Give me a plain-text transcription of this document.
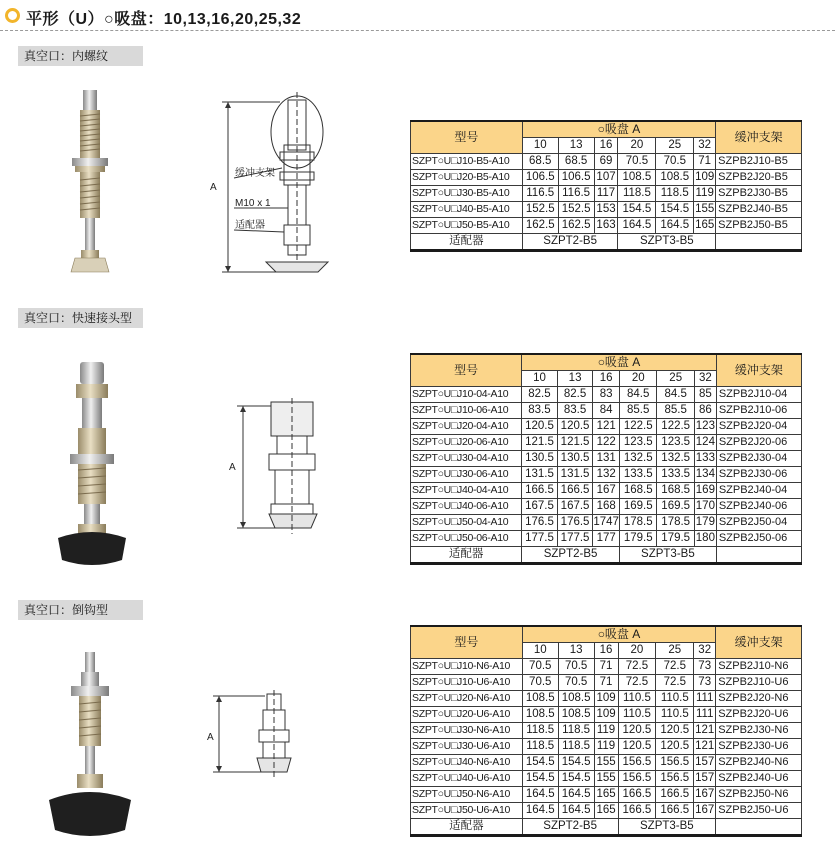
平形（U）○吸盘：10,13,16,20,25,32
真空口：内螺纹
真空口：快速接头型
真空口：倒钩型
A
缓冲支架
M10 x 1
适配器
A
A
型号	○吸盘 A						缓冲支架
	10	13	16	20	25	32	
SZPT○U□J10-B5-A10	68.5	68.5	69	70.5	70.5	71	SZPB2J10-B5
SZPT○U□J20-B5-A10	106.5	106.5	107	108.5	108.5	109	SZPB2J20-B5
SZPT○U□J30-B5-A10	116.5	116.5	117	118.5	118.5	119	SZPB2J30-B5
SZPT○U□J40-B5-A10	152.5	152.5	153	154.5	154.5	155	SZPB2J40-B5
SZPT○U□J50-B5-A10	162.5	162.5	163	164.5	164.5	165	SZPB2J50-B5
适配器	SZPT2-B5			SZPT3-B5			
型号	○吸盘 A						缓冲支架
	10	13	16	20	25	32	
SZPT○U□J10-04-A10	82.5	82.5	83	84.5	84.5	85	SZPB2J10-04
SZPT○U□J10-06-A10	83.5	83.5	84	85.5	85.5	86	SZPB2J10-06
SZPT○U□J20-04-A10	120.5	120.5	121	122.5	122.5	123	SZPB2J20-04
SZPT○U□J20-06-A10	121.5	121.5	122	123.5	123.5	124	SZPB2J20-06
SZPT○U□J30-04-A10	130.5	130.5	131	132.5	132.5	133	SZPB2J30-04
SZPT○U□J30-06-A10	131.5	131.5	132	133.5	133.5	134	SZPB2J30-06
SZPT○U□J40-04-A10	166.5	166.5	167	168.5	168.5	169	SZPB2J40-04
SZPT○U□J40-06-A10	167.5	167.5	168	169.5	169.5	170	SZPB2J40-06
SZPT○U□J50-04-A10	176.5	176.5	1747	178.5	178.5	179	SZPB2J50-04
SZPT○U□J50-06-A10	177.5	177.5	177	179.5	179.5	180	SZPB2J50-06
适配器	SZPT2-B5			SZPT3-B5			
型号	○吸盘 A						缓冲支架
	10	13	16	20	25	32	
SZPT○U□J10-N6-A10	70.5	70.5	71	72.5	72.5	73	SZPB2J10-N6
SZPT○U□J10-U6-A10	70.5	70.5	71	72.5	72.5	73	SZPB2J10-U6
SZPT○U□J20-N6-A10	108.5	108.5	109	110.5	110.5	111	SZPB2J20-N6
SZPT○U□J20-U6-A10	108.5	108.5	109	110.5	110.5	111	SZPB2J20-U6
SZPT○U□J30-N6-A10	118.5	118.5	119	120.5	120.5	121	SZPB2J30-N6
SZPT○U□J30-U6-A10	118.5	118.5	119	120.5	120.5	121	SZPB2J30-U6
SZPT○U□J40-N6-A10	154.5	154.5	155	156.5	156.5	157	SZPB2J40-N6
SZPT○U□J40-U6-A10	154.5	154.5	155	156.5	156.5	157	SZPB2J40-U6
SZPT○U□J50-N6-A10	164.5	164.5	165	166.5	166.5	167	SZPB2J50-N6
SZPT○U□J50-U6-A10	164.5	164.5	165	166.5	166.5	167	SZPB2J50-U6
适配器	SZPT2-B5			SZPT3-B5			
